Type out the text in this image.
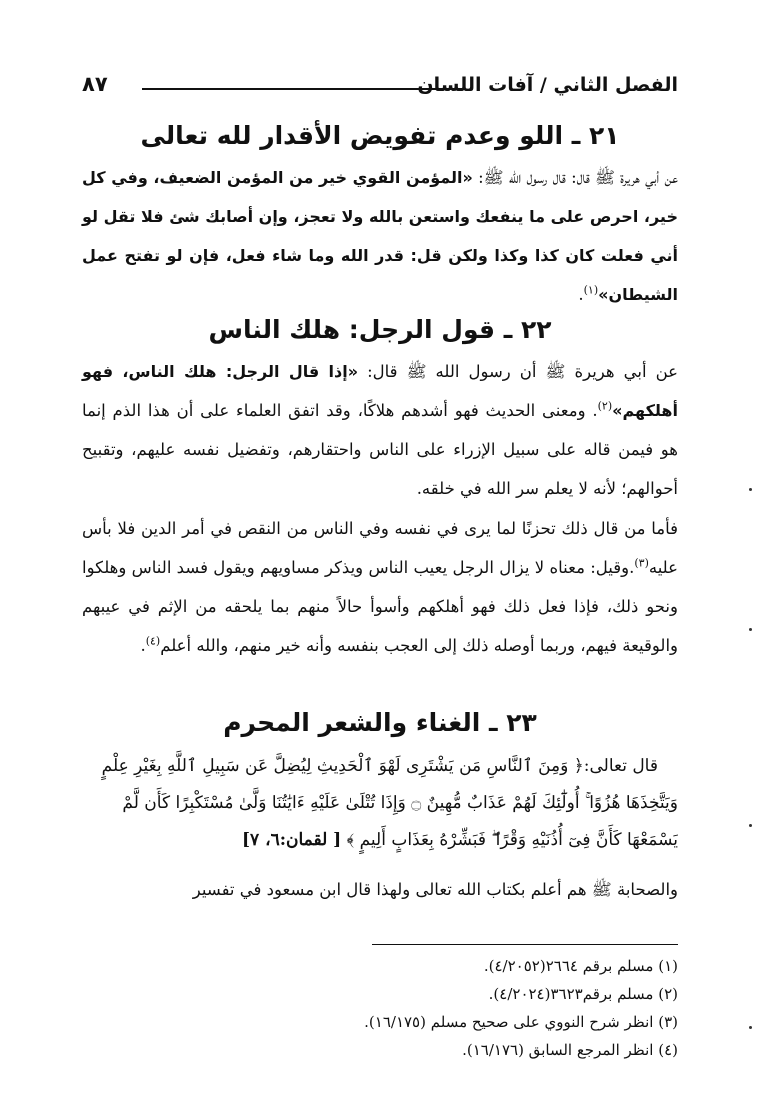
الفصل الثاني / آفات اللسان
٨٧
٢١ ـ اللو وعدم تفويض الأقدار لله تعالى
عن أبي هريرة ﷺ قال: قال رسول الله ﷺ: «المؤمن القوي خير من المؤمن الضعيف، وفي كل خير، احرص على ما ينفعك واستعن بالله ولا تعجز، وإن أصابك شئ فلا تقل لو أني فعلت كان كذا وكذا ولكن قل: قدر الله وما شاء فعل، فإن لو تفتح عمل الشيطان»$^{(١)}$.
٢٢ ـ قول الرجل: هلك الناس
عن أبي هريرة ﷺ أن رسول الله ﷺ قال: «إذا قال الرجل: هلك الناس، فهو أهلكهم»$^{(٢)}$. ومعنى الحديث فهو أشدهم هلاكًا، وقد اتفق العلماء على أن هذا الذم إنما هو فيمن قاله على سبيل الإزراء على الناس واحتقارهم، وتفضيل نفسه عليهم، وتقبيح أحوالهم؛ لأنه لا يعلم سر الله في خلقه.
فأما من قال ذلك تحزنًا لما يرى في نفسه وفي الناس من النقص في أمر الدين فلا بأس عليه$^{(٣)}$.وقيل: معناه لا يزال الرجل يعيب الناس ويذكر مساويهم ويقول فسد الناس وهلكوا ونحو ذلك، فإذا فعل ذلك فهو أهلكهم وأسوأ حالاً منهم بما يلحقه من الإثم في عيبهم والوقيعة فيهم، وربما أوصله ذلك إلى العجب بنفسه وأنه خير منهم، والله أعلم$^{(٤)}$.
٢٣ ـ الغناء والشعر المحرم
قال تعالى:﴿ وَمِنَ ٱلنَّاسِ مَن يَشْتَرِى لَهْوَ ٱلْحَدِيثِ لِيُضِلَّ عَن سَبِيلِ ٱللَّهِ بِغَيْرِ عِلْمٍ
وَيَتَّخِذَهَا هُزُوًا ۚ أُولَٰٓئِكَ لَهُمْ عَذَابٌ مُّهِينٌ ۝ وَإِذَا تُتْلَىٰ عَلَيْهِ ءَايَٰتُنَا وَلَّىٰ مُسْتَكْبِرًا كَأَن لَّمْ
يَسْمَعْهَا كَأَنَّ فِىٓ أُذُنَيْهِ وَقْرًا ۖ فَبَشِّرْهُ بِعَذَابٍ أَلِيمٍ ﴾ [ لقمان:٦، ٧]
والصحابة ﷺ هم أعلم بكتاب الله تعالى ولهذا قال ابن مسعود في تفسير
(١) مسلم برقم ٢٦٦٤(٤/٢٠٥٢).
(٢) مسلم برقم٣٦٢٣(٤/٢٠٢٤).
(٣) انظر شرح النووي على صحيح مسلم (١٦/١٧٥).
(٤) انظر المرجع السابق (١٦/١٧٦).
